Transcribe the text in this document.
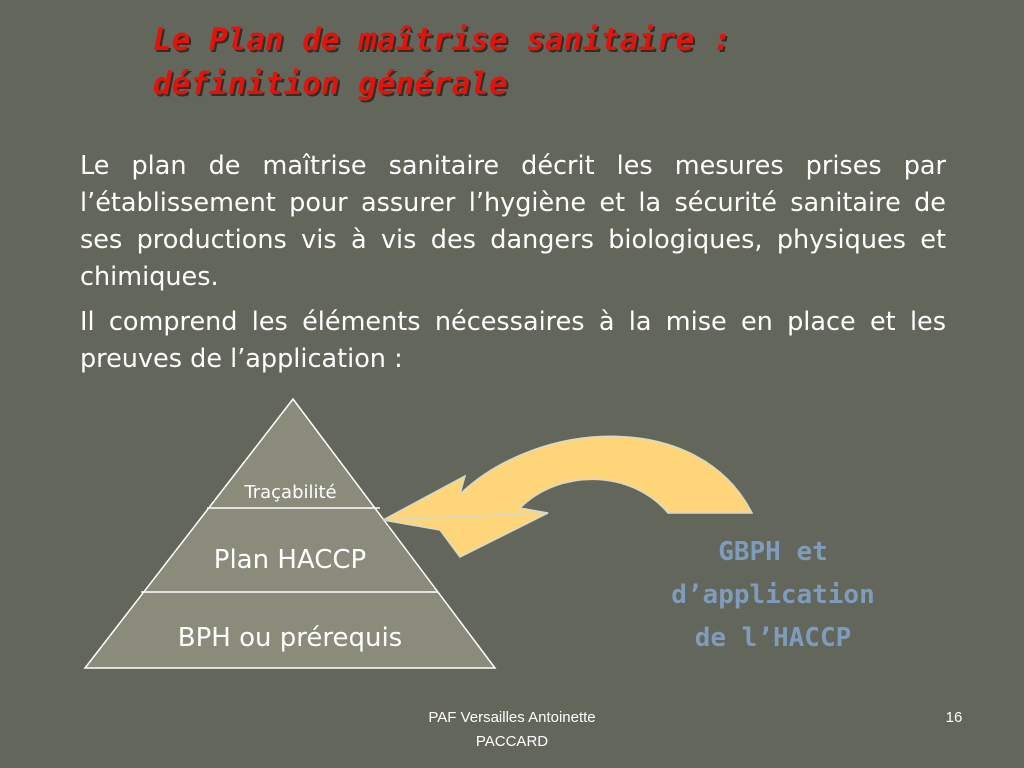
Le Plan de maîtrise sanitaire :
définition générale

Le plan de maîtrise sanitaire décrit les mesures prises par l’établissement pour assurer l’hygiène et la sécurité sanitaire de ses productions vis à vis des dangers biologiques, physiques et chimiques.

Il comprend les éléments nécessaires à la mise en place et les preuves de l’application :

Traçabilité
Plan HACCP
BPH ou prérequis
GBPH et
d’application
de l’HACCP
PAF Versailles Antoinette
PACCARD
16
